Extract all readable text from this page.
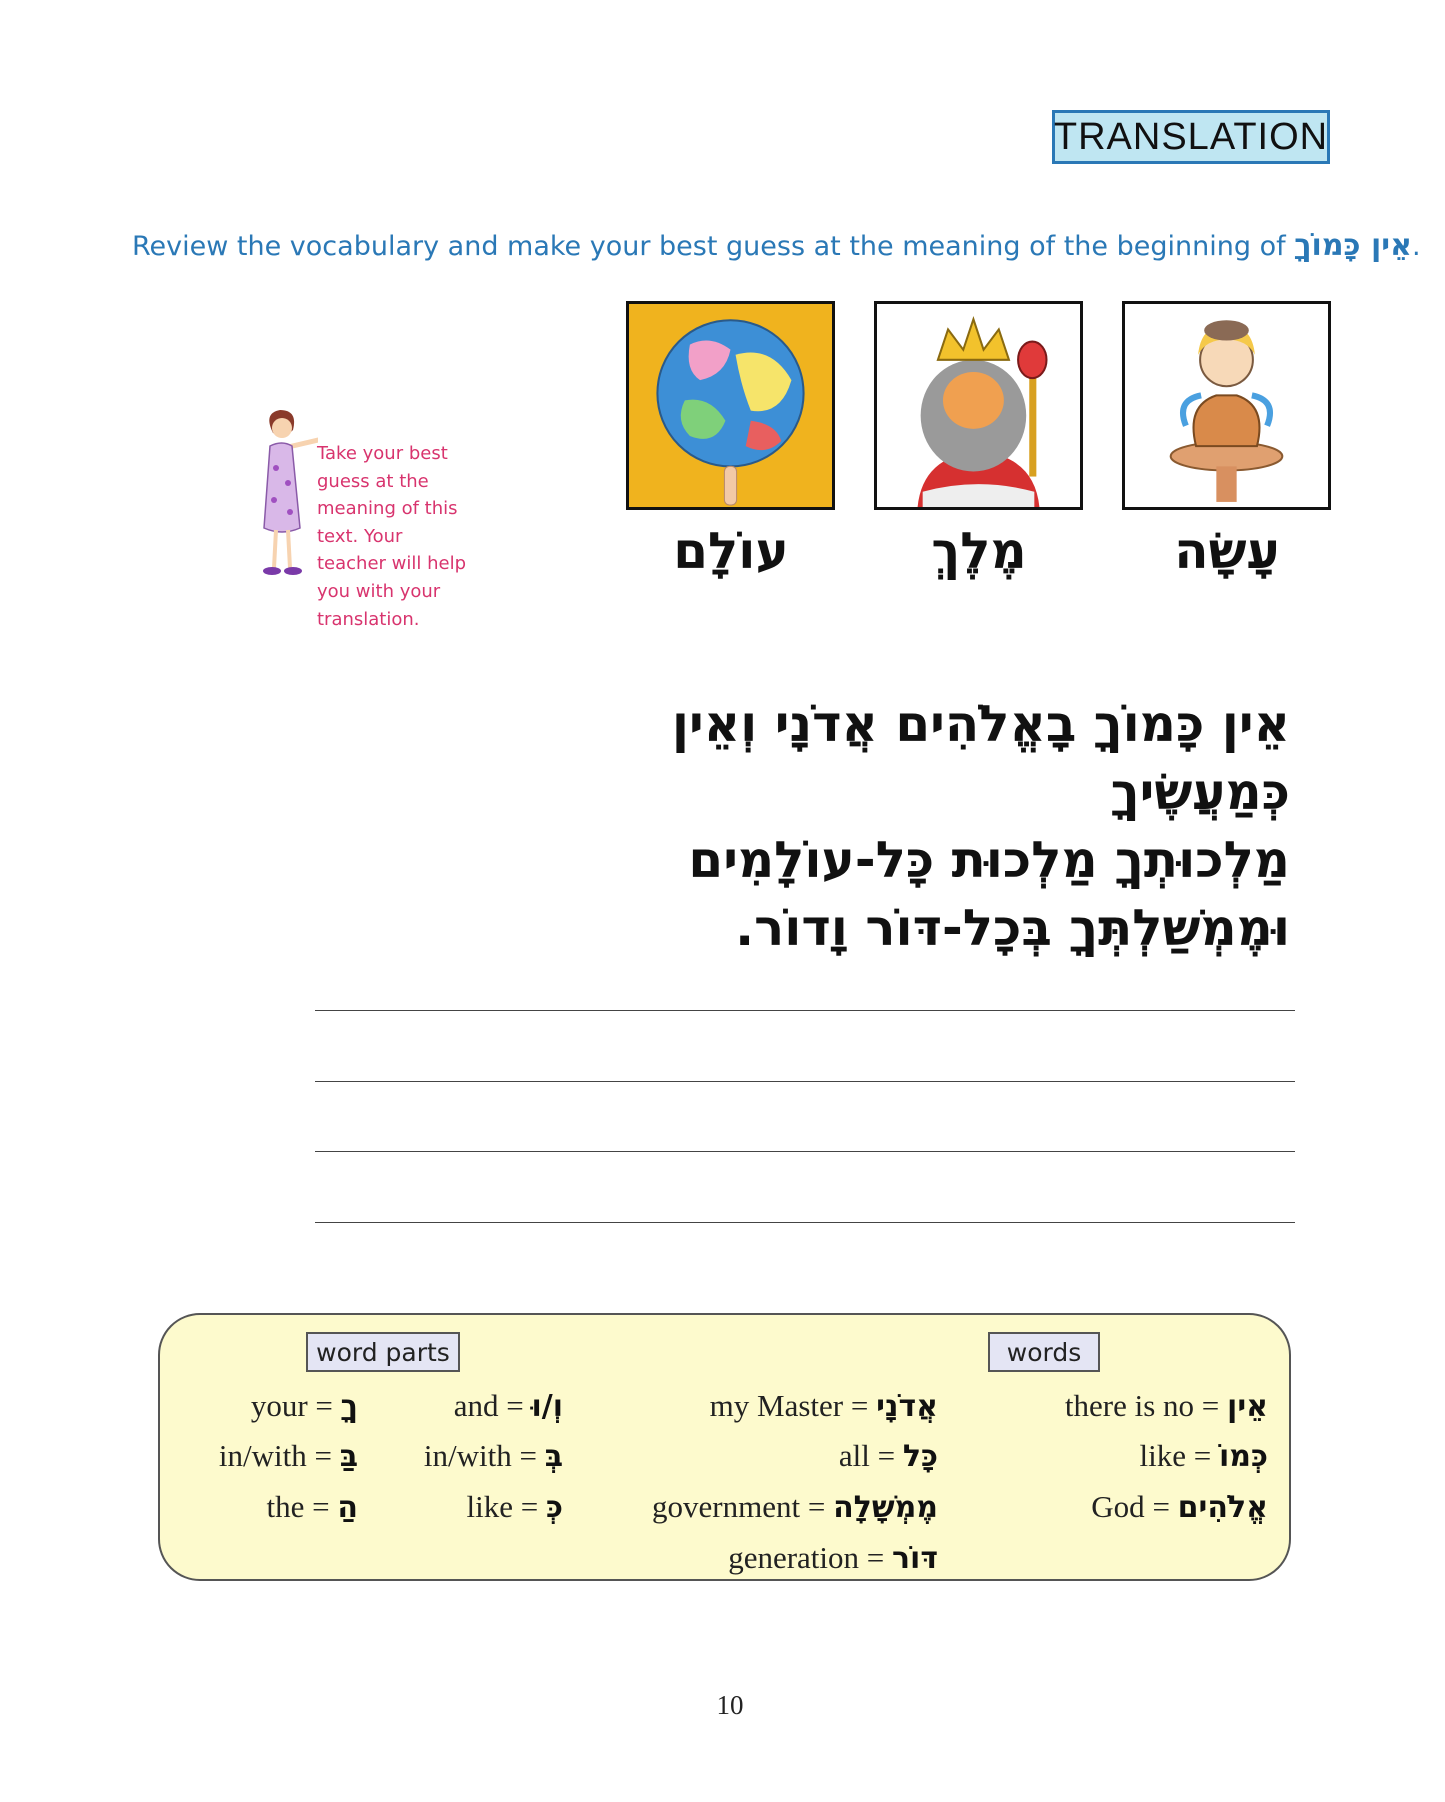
TRANSLATION
Review the vocabulary and make your best guess at the meaning of the beginning of אֵין כָּמוֹךָ.
עוֹלָם	מֶלֶךְ	עָשָׂה
Take your best guess at the meaning of this text. Your teacher will help you with your translation.
אֵין כָּמוֹךָ בָאֱלֹהִים אֲדֹנָי וְאֵין כְּמַעֲשֶׂיךָ
מַלְכוּתְךָ מַלְכוּת כָּל-עוֹלָמִים
וּמֶמְשַׁלְתְּךָ בְּכָל-דּוֹר וָדוֹר.
word parts	words
and = וְ/וּ
in/with = בְּ
like = כְּ
your = ךָ
in/with = בַּ
the = הַ
there is no = אֵין
like = כְּמוֹ
God = אֱלֹהִים
my Master = אֲדֹנָי
all = כָּל
government = מֶמְשָׁלָה
generation = דּוֹר
10
